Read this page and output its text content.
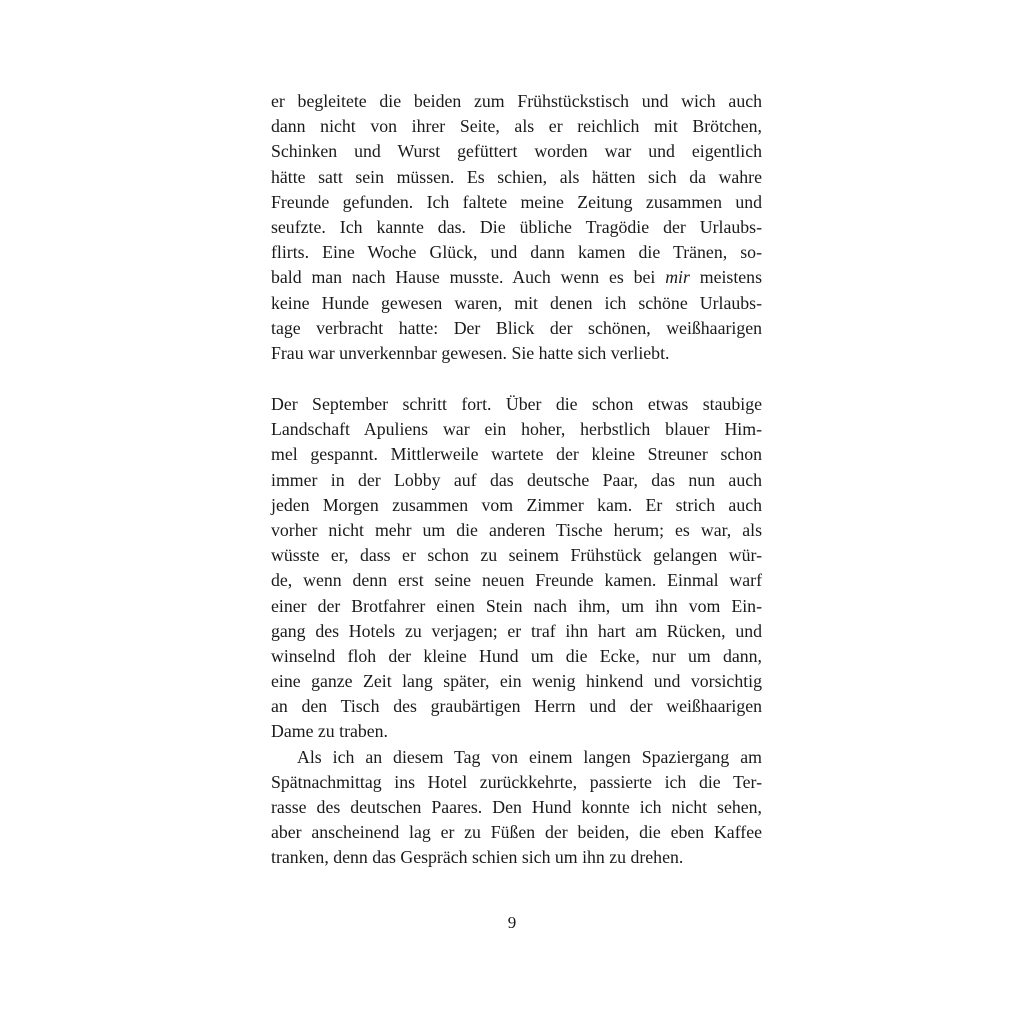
er begleitete die beiden zum Frühstückstisch und wich auch
dann nicht von ihrer Seite, als er reichlich mit Brötchen,
Schinken und Wurst gefüttert worden war und eigentlich
hätte satt sein müssen. Es schien, als hätten sich da wahre
Freunde gefunden. Ich faltete meine Zeitung zusammen und
seufzte. Ich kannte das. Die übliche Tragödie der Urlaubs-
flirts. Eine Woche Glück, und dann kamen die Tränen, so-
bald man nach Hause musste. Auch wenn es bei mir meistens
keine Hunde gewesen waren, mit denen ich schöne Urlaubs-
tage verbracht hatte: Der Blick der schönen, weißhaarigen
Frau war unverkennbar gewesen. Sie hatte sich verliebt.
Der September schritt fort. Über die schon etwas staubige
Landschaft Apuliens war ein hoher, herbstlich blauer Him-
mel gespannt. Mittlerweile wartete der kleine Streuner schon
immer in der Lobby auf das deutsche Paar, das nun auch
jeden Morgen zusammen vom Zimmer kam. Er strich auch
vorher nicht mehr um die anderen Tische herum; es war, als
wüsste er, dass er schon zu seinem Frühstück gelangen wür-
de, wenn denn erst seine neuen Freunde kamen. Einmal warf
einer der Brotfahrer einen Stein nach ihm, um ihn vom Ein-
gang des Hotels zu verjagen; er traf ihn hart am Rücken, und
winselnd floh der kleine Hund um die Ecke, nur um dann,
eine ganze Zeit lang später, ein wenig hinkend und vorsichtig
an den Tisch des graubärtigen Herrn und der weißhaarigen
Dame zu traben.
Als ich an diesem Tag von einem langen Spaziergang am
Spätnachmittag ins Hotel zurückkehrte, passierte ich die Ter-
rasse des deutschen Paares. Den Hund konnte ich nicht sehen,
aber anscheinend lag er zu Füßen der beiden, die eben Kaffee
tranken, denn das Gespräch schien sich um ihn zu drehen.
9
